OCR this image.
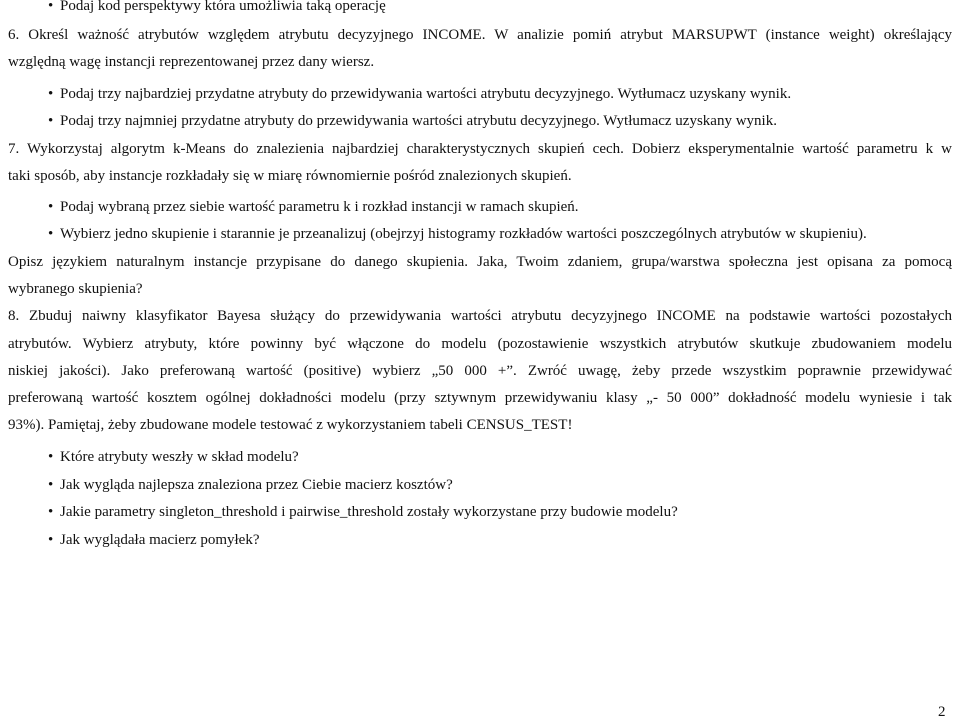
• Podaj kod perspektywy która umożliwia taką operację
6. Określ ważność atrybutów względem atrybutu decyzyjnego INCOME. W analizie pomiń atrybut MARSUPWT (instance weight) określający
względną wagę instancji reprezentowanej przez dany wiersz.
• Podaj trzy najbardziej przydatne atrybuty do przewidywania wartości atrybutu decyzyjnego. Wytłumacz uzyskany wynik.
• Podaj trzy najmniej przydatne atrybuty do przewidywania wartości atrybutu decyzyjnego. Wytłumacz uzyskany wynik.
7. Wykorzystaj algorytm k-Means do znalezienia najbardziej charakterystycznych skupień cech. Dobierz eksperymentalnie wartość parametru k w
taki sposób, aby instancje rozkładały się w miarę równomiernie pośród znalezionych skupień.
• Podaj wybraną przez siebie wartość parametru k i rozkład instancji w ramach skupień.
• Wybierz jedno skupienie i starannie je przeanalizuj (obejrzyj histogramy rozkładów wartości poszczególnych atrybutów w skupieniu).
Opisz językiem naturalnym instancje przypisane do danego skupienia. Jaka, Twoim zdaniem, grupa/warstwa społeczna jest opisana za pomocą
wybranego skupienia?
8. Zbuduj naiwny klasyfikator Bayesa służący do przewidywania wartości atrybutu decyzyjnego INCOME na podstawie wartości pozostałych
atrybutów. Wybierz atrybuty, które powinny być włączone do modelu (pozostawienie wszystkich atrybutów skutkuje zbudowaniem modelu
niskiej jakości). Jako preferowaną wartość (positive) wybierz „50 000 +”. Zwróć uwagę, żeby przede wszystkim poprawnie przewidywać
preferowaną wartość kosztem ogólnej dokładności modelu (przy sztywnym przewidywaniu klasy „- 50 000” dokładność modelu wyniesie i tak
93%). Pamiętaj, żeby zbudowane modele testować z wykorzystaniem tabeli CENSUS_TEST!
• Które atrybuty weszły w skład modelu?
• Jak wygląda najlepsza znaleziona przez Ciebie macierz kosztów?
• Jakie parametry singleton_threshold i pairwise_threshold zostały wykorzystane przy budowie modelu?
• Jak wyglądała macierz pomyłek?
2
